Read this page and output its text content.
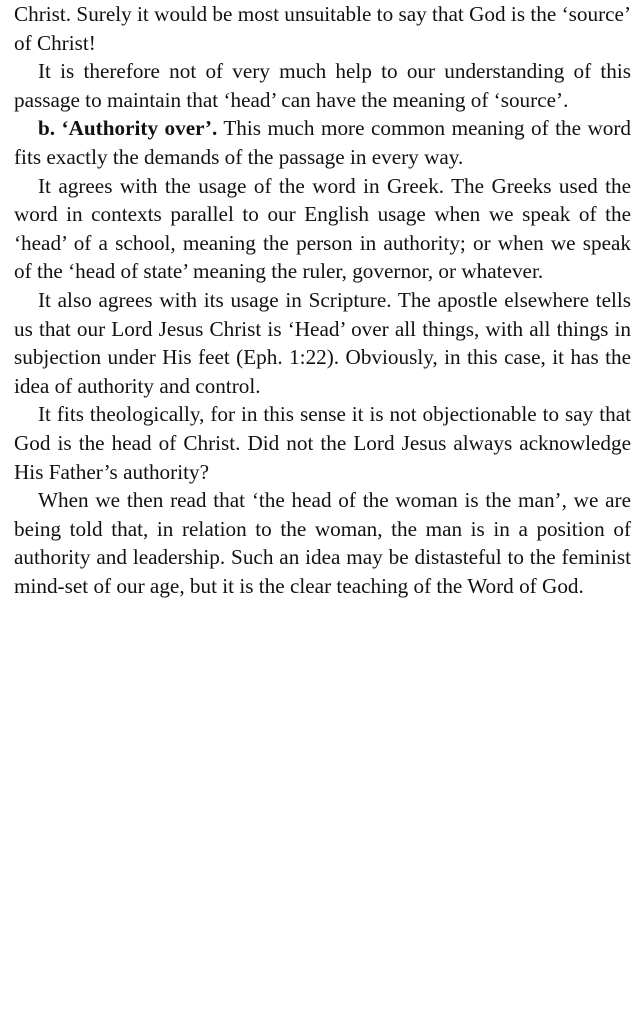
Christ. Surely it would be most unsuitable to say that God is the ‘source’ of Christ!

It is therefore not of very much help to our understanding of this passage to maintain that ‘head’ can have the meaning of ‘source’.

b. ‘Authority over’. This much more common meaning of the word fits exactly the demands of the passage in every way.

It agrees with the usage of the word in Greek. The Greeks used the word in contexts parallel to our English usage when we speak of the ‘head’ of a school, meaning the person in authority; or when we speak of the ‘head of state’ meaning the ruler, governor, or whatever.

It also agrees with its usage in Scripture. The apostle elsewhere tells us that our Lord Jesus Christ is ‘Head’ over all things, with all things in subjection under His feet (Eph. 1:22). Obviously, in this case, it has the idea of authority and control.

It fits theologically, for in this sense it is not objectionable to say that God is the head of Christ. Did not the Lord Jesus always acknowledge His Father’s authority?

When we then read that ‘the head of the woman is the man’, we are being told that, in relation to the woman, the man is in a position of authority and leadership. Such an idea may be distasteful to the feminist mind-set of our age, but it is the clear teaching of the Word of God.
